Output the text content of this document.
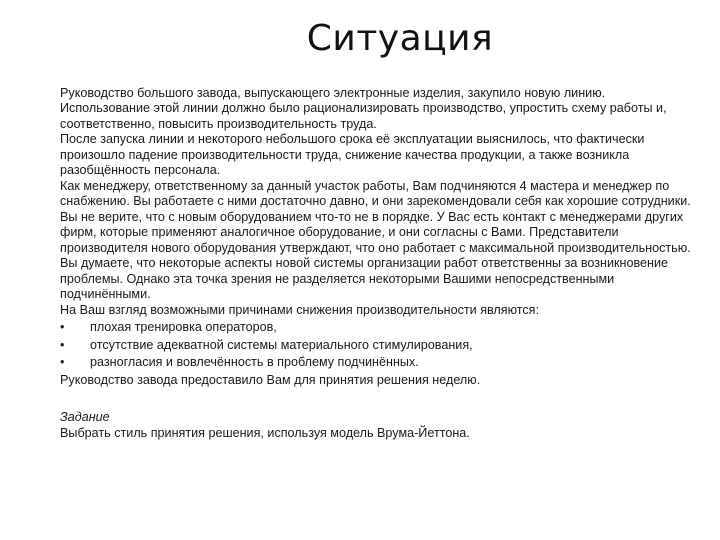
Ситуация

Руководство большого завода, выпускающего электронные изделия, закупило новую линию. Использование этой линии должно было рационализировать производство, упростить схему работы и, соответственно, повысить производительность труда.

После запуска линии и некоторого небольшого срока её эксплуатации выяснилось, что фактически произошло падение производительности труда, снижение качества продукции, а также возникла разобщённость персонала.

Как менеджеру, ответственному за данный участок работы, Вам подчиняются 4 мастера и менеджер по снабжению. Вы работаете с ними достаточно давно, и они зарекомендовали себя как хорошие сотрудники.

Вы не верите, что с новым оборудованием что-то не в порядке. У Вас есть контакт с менеджерами других фирм, которые применяют аналогичное оборудование, и они согласны с Вами. Представители производителя нового оборудования утверждают, что оно работает с максимальной производительностью.

Вы думаете, что некоторые аспекты новой системы организации работ ответственны за возникновение проблемы. Однако эта точка зрения не разделяется некоторыми Вашими непосредственными подчинёнными.

На Ваш взгляд возможными причинами снижения производительности являются:

•	плохая тренировка операторов,
•	отсутствие адекватной системы материального стимулирования,
•	разногласия и вовлечённость в проблему подчинённых.

Руководство завода предоставило Вам для принятия решения неделю.

Задание

Выбрать стиль принятия решения, используя модель Врума-Йеттона.
